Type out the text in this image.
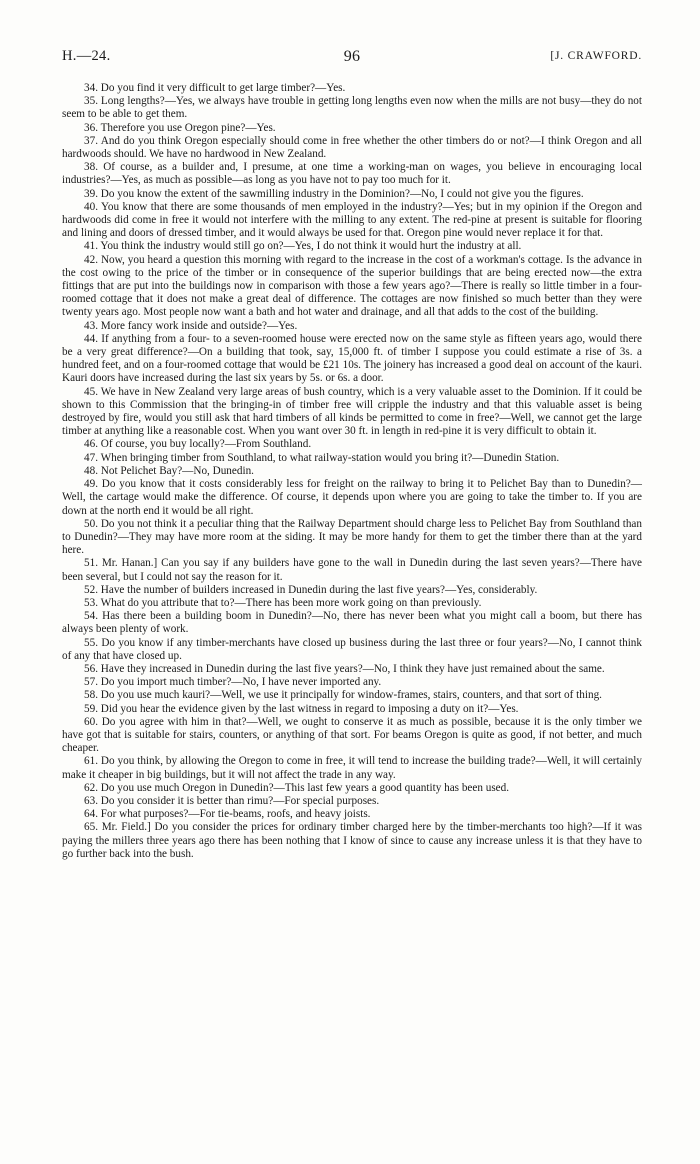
H.—24.	96	[J. CRAWFORD.

34. Do you find it very difficult to get large timber?—Yes.

35. Long lengths?—Yes, we always have trouble in getting long lengths even now when the mills are not busy—they do not seem to be able to get them.

36. Therefore you use Oregon pine?—Yes.

37. And do you think Oregon especially should come in free whether the other timbers do or not?—I think Oregon and all hardwoods should. We have no hardwood in New Zealand.

38. Of course, as a builder and, I presume, at one time a working-man on wages, you believe in encouraging local industries?—Yes, as much as possible—as long as you have not to pay too much for it.

39. Do you know the extent of the sawmilling industry in the Dominion?—No, I could not give you the figures.

40. You know that there are some thousands of men employed in the industry?—Yes; but in my opinion if the Oregon and hardwoods did come in free it would not interfere with the milling to any extent. The red-pine at present is suitable for flooring and lining and doors of dressed timber, and it would always be used for that. Oregon pine would never replace it for that.

41. You think the industry would still go on?—Yes, I do not think it would hurt the industry at all.

42. Now, you heard a question this morning with regard to the increase in the cost of a workman's cottage. Is the advance in the cost owing to the price of the timber or in consequence of the superior buildings that are being erected now—the extra fittings that are put into the buildings now in comparison with those a few years ago?—There is really so little timber in a four-roomed cottage that it does not make a great deal of difference. The cottages are now finished so much better than they were twenty years ago. Most people now want a bath and hot water and drainage, and all that adds to the cost of the building.

43. More fancy work inside and outside?—Yes.

44. If anything from a four- to a seven-roomed house were erected now on the same style as fifteen years ago, would there be a very great difference?—On a building that took, say, 15,000 ft. of timber I suppose you could estimate a rise of 3s. a hundred feet, and on a four-roomed cottage that would be £21 10s. The joinery has increased a good deal on account of the kauri. Kauri doors have increased during the last six years by 5s. or 6s. a door.

45. We have in New Zealand very large areas of bush country, which is a very valuable asset to the Dominion. If it could be shown to this Commission that the bringing-in of timber free will cripple the industry and that this valuable asset is being destroyed by fire, would you still ask that hard timbers of all kinds be permitted to come in free?—Well, we cannot get the large timber at anything like a reasonable cost. When you want over 30 ft. in length in red-pine it is very difficult to obtain it.

46. Of course, you buy locally?—From Southland.

47. When bringing timber from Southland, to what railway-station would you bring it?—Dunedin Station.

48. Not Pelichet Bay?—No, Dunedin.

49. Do you know that it costs considerably less for freight on the railway to bring it to Pelichet Bay than to Dunedin?—Well, the cartage would make the difference. Of course, it depends upon where you are going to take the timber to. If you are down at the north end it would be all right.

50. Do you not think it a peculiar thing that the Railway Department should charge less to Pelichet Bay from Southland than to Dunedin?—They may have more room at the siding. It may be more handy for them to get the timber there than at the yard here.

51. Mr. Hanan.] Can you say if any builders have gone to the wall in Dunedin during the last seven years?—There have been several, but I could not say the reason for it.

52. Have the number of builders increased in Dunedin during the last five years?—Yes, considerably.

53. What do you attribute that to?—There has been more work going on than previously.

54. Has there been a building boom in Dunedin?—No, there has never been what you might call a boom, but there has always been plenty of work.

55. Do you know if any timber-merchants have closed up business during the last three or four years?—No, I cannot think of any that have closed up.

56. Have they increased in Dunedin during the last five years?—No, I think they have just remained about the same.

57. Do you import much timber?—No, I have never imported any.

58. Do you use much kauri?—Well, we use it principally for window-frames, stairs, counters, and that sort of thing.

59. Did you hear the evidence given by the last witness in regard to imposing a duty on it?—Yes.

60. Do you agree with him in that?—Well, we ought to conserve it as much as possible, because it is the only timber we have got that is suitable for stairs, counters, or anything of that sort. For beams Oregon is quite as good, if not better, and much cheaper.

61. Do you think, by allowing the Oregon to come in free, it will tend to increase the building trade?—Well, it will certainly make it cheaper in big buildings, but it will not affect the trade in any way.

62. Do you use much Oregon in Dunedin?—This last few years a good quantity has been used.

63. Do you consider it is better than rimu?—For special purposes.

64. For what purposes?—For tie-beams, roofs, and heavy joists.

65. Mr. Field.] Do you consider the prices for ordinary timber charged here by the timber-merchants too high?—If it was paying the millers three years ago there has been nothing that I know of since to cause any increase unless it is that they have to go further back into the bush.
